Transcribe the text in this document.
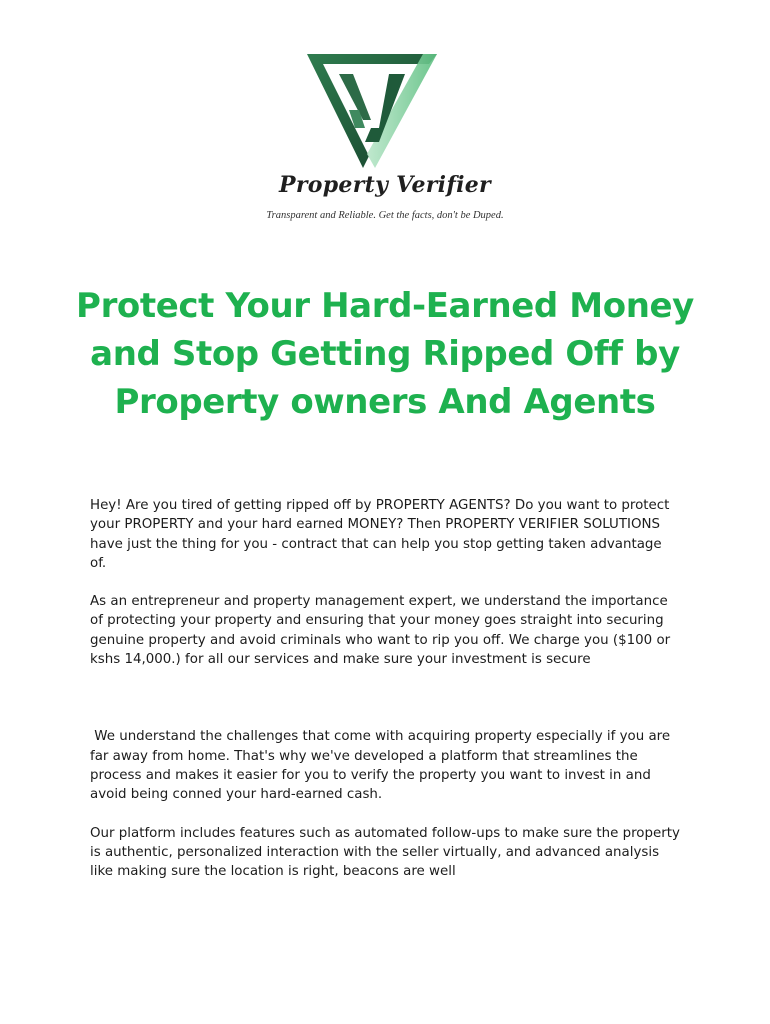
Property Verifier
Transparent and Reliable. Get the facts, don't be Duped.
Protect Your Hard-Earned Money and Stop Getting Ripped Off by Property owners And Agents

Hey! Are you tired of getting ripped off by PROPERTY AGENTS? Do you want to protect your PROPERTY and your hard earned MONEY? Then PROPERTY VERIFIER SOLUTIONS have just the thing for you - contract that can help you stop getting taken advantage of.

As an entrepreneur and property management expert, we understand the importance of protecting your property and ensuring that your money goes straight into securing genuine property and avoid criminals who want to rip you off. We charge you ($100 or kshs 14,000.) for all our services and make sure your investment is secure

We understand the challenges that come with acquiring property especially if you are far away from home. That's why we've developed a platform that streamlines the process and makes it easier for you to verify the property you want to invest in and avoid being conned your hard-earned cash.

Our platform includes features such as automated follow-ups to make sure the property is authentic, personalized interaction with the seller virtually, and advanced analysis like making sure the location is right, beacons are well
